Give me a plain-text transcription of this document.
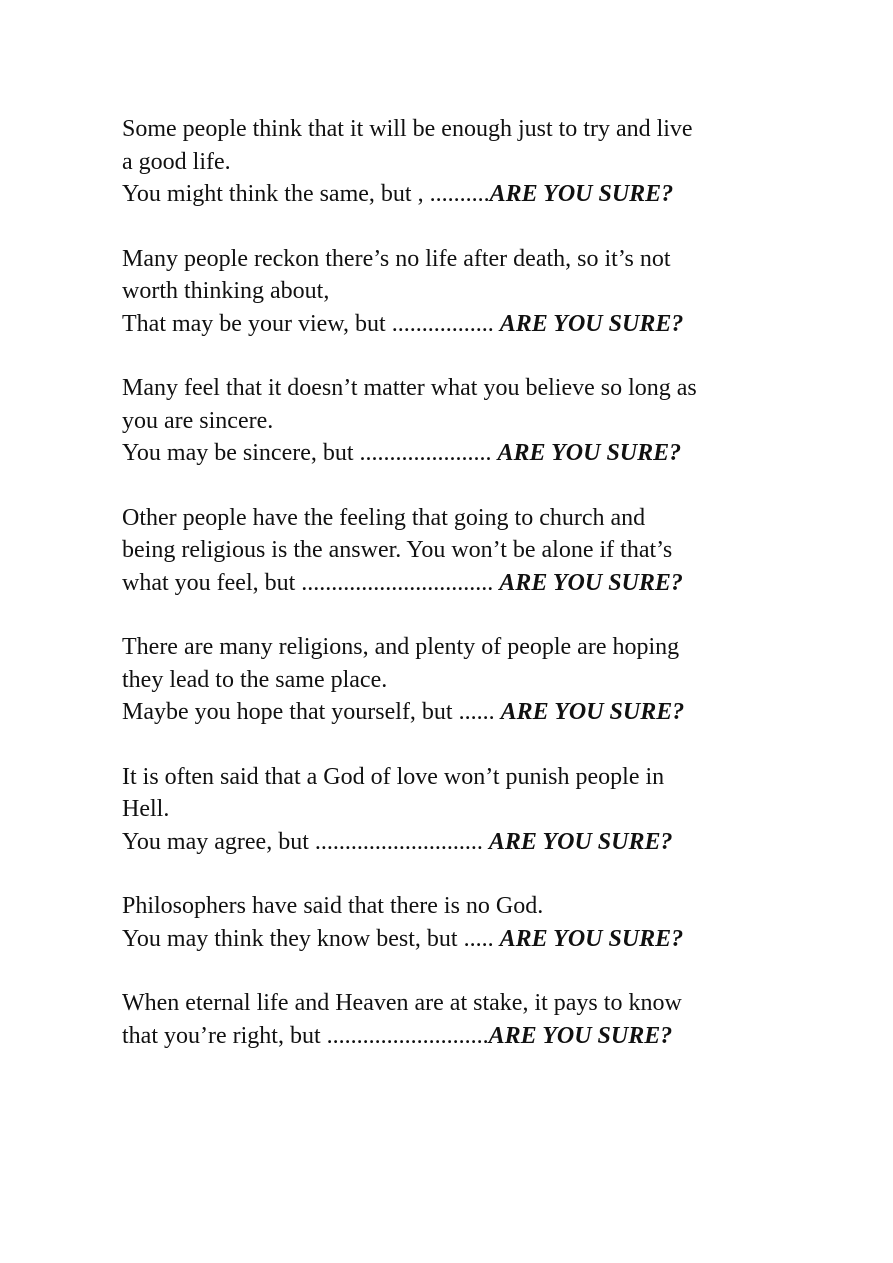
Some people think that it will be enough just to try and live
a good life.
You might think the same, but , ..........ARE YOU SURE?
Many people reckon there’s no life after death, so it’s not
worth thinking about,
That may be your view, but ................. ARE YOU SURE?
Many feel that it doesn’t matter what you believe so long as
you are sincere.
You may be sincere, but ...................... ARE YOU SURE?
Other people have the feeling that going to church and
being religious is the answer. You won’t be alone if that’s
what you feel, but ................................ ARE YOU SURE?
There are many religions, and plenty of people are hoping
they lead to the same place.
Maybe you hope that yourself, but ...... ARE YOU SURE?
It is often said that a God of love won’t punish people in
Hell.
You may agree, but ............................ ARE YOU SURE?
Philosophers have said that there is no God.
You may think they know best, but ..... ARE YOU SURE?
When eternal life and Heaven are at stake, it pays to know
that you’re right, but ...........................ARE YOU SURE?
